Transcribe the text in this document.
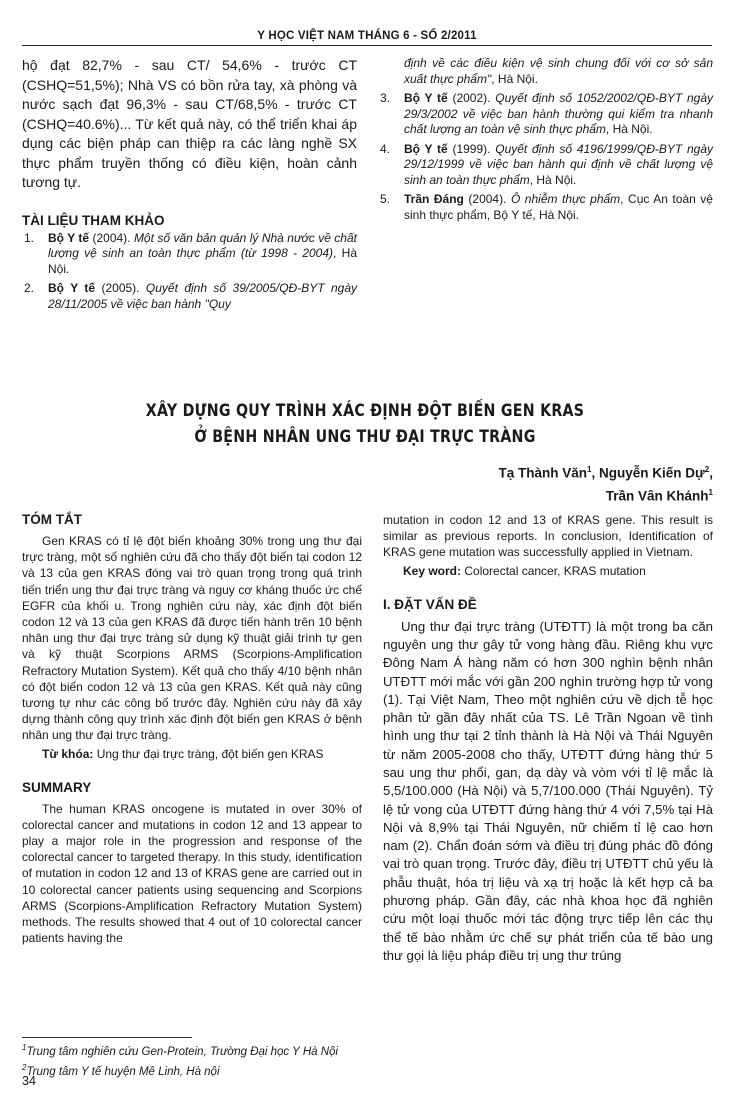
Y HỌC VIỆT NAM THÁNG 6 - SỐ 2/2011

hộ đạt 82,7% - sau CT/ 54,6% - trước CT (CSHQ=51,5%); Nhà VS có bồn rửa tay, xà phòng và nước sạch đạt 96,3% - sau CT/68,5% - trước CT (CSHQ=40.6%)... Từ kết quả này, có thể triển khai áp dụng các biện pháp can thiệp ra các làng nghề SX thực phẩm truyền thống có điều kiện, hoàn cảnh tương tự.

TÀI LIỆU THAM KHẢO

1. Bộ Y tế (2004). Một số văn bản quản lý Nhà nước về chất lượng vệ sinh an toàn thực phẩm (từ 1998 - 2004), Hà Nội.
2. Bộ Y tế (2005). Quyết định số 39/2005/QĐ-BYT ngày 28/11/2005 về việc ban hành "Quy
định về các điều kiện vệ sinh chung đối với cơ sở sản xuất thực phẩm", Hà Nội.
3. Bộ Y tế (2002). Quyết định số 1052/2002/QĐ-BYT ngày 29/3/2002 về việc ban hành thường qui kiểm tra nhanh chất lượng an toàn vệ sinh thực phẩm, Hà Nội.
4. Bộ Y tế (1999). Quyết định số 4196/1999/QĐ-BYT ngày 29/12/1999 về việc ban hành qui định về chất lượng vệ sinh an toàn thực phẩm, Hà Nội.
5. Trần Đáng (2004). Ô nhiễm thực phẩm, Cục An toàn vệ sinh thực phẩm, Bộ Y tế, Hà Nội.
XÂY DỰNG QUY TRÌNH XÁC ĐỊNH ĐỘT BIẾN GEN KRAS
Ở BỆNH NHÂN UNG THƯ ĐẠI TRỰC TRÀNG
Tạ Thành Văn$^1$, Nguyễn Kiến Dự$^2$,
Trần Vân Khánh$^1$

TÓM TẮT

Gen KRAS có tỉ lệ đột biến khoảng 30% trong ung thư đại trực tràng, một số nghiên cứu đã cho thấy đột biến tại codon 12 và 13 của gen KRAS đóng vai trò quan trọng trong quá trình tiến triển ung thư đại trực tràng và nguy cơ kháng thuốc ức chế EGFR của khối u. Trong nghiên cứu này, xác định đột biến codon 12 và 13 của gen KRAS đã được tiến hành trên 10 bệnh nhân ung thư đại trực tràng sử dụng kỹ thuật giải trình tự gen và kỹ thuật Scorpions ARMS (Scorpions-Amplification Refractory Mutation System). Kết quả cho thấy 4/10 bệnh nhân có đột biến codon 12 và 13 của gen KRAS. Kết quả này cũng tương tự như các công bố trước đây. Nghiên cứu này đã xây dựng thành công quy trình xác định đột biến gen KRAS ở bệnh nhân ung thư đại trực tràng.

Từ khóa: Ung thư đại trực tràng, đột biến gen KRAS

SUMMARY

The human KRAS oncogene is mutated in over 30% of colorectal cancer and mutations in codon 12 and 13 appear to play a major role in the progression and response of the colorectal cancer to targeted therapy. In this study, identification of mutation in codon 12 and 13 of KRAS gene are carried out in 10 colorectal cancer patients using sequencing and Scorpions ARMS (Scorpions-Amplification Refractory Mutation System) methods. The results showed that 4 out of 10 colorectal cancer patients having the

mutation in codon 12 and 13 of KRAS gene. This result is similar as previous reports. In conclusion, Identification of KRAS gene mutation was successfully applied in Vietnam.

Key word: Colorectal cancer, KRAS mutation

I. ĐẶT VẤN ĐỀ

Ung thư đại trực tràng (UTĐTT) là một trong ba căn nguyên ung thư gây tử vong hàng đầu. Riêng khu vực Đông Nam Á hàng năm có hơn 300 nghìn bệnh nhân UTĐTT mới mắc với gần 200 nghìn trường hợp tử vong (1). Tại Việt Nam, Theo một nghiên cứu về dịch tễ học phân tử gần đây nhất của TS. Lê Trần Ngoan về tình hình ung thư tại 2 tỉnh thành là Hà Nội và Thái Nguyên từ năm 2005-2008 cho thấy, UTĐTT đứng hàng thứ 5 sau ung thư phổi, gan, dạ dày và vòm với tỉ lệ mắc là 5,5/100.000 (Hà Nội) và 5,7/100.000 (Thái Nguyên). Tỷ lệ tử vong của UTĐTT đứng hàng thứ 4 với 7,5% tại Hà Nội và 8,9% tại Thái Nguyên, nữ chiếm tỉ lệ cao hơn nam (2). Chẩn đoán sớm và điều trị đúng phác đồ đóng vai trò quan trọng. Trước đây, điều trị UTĐTT chủ yếu là phẫu thuật, hóa trị liệu và xạ trị hoặc là kết hợp cả ba phương pháp. Gần đây, các nhà khoa học đã nghiên cứu một loại thuốc mới tác động trực tiếp lên các thụ thể tế bào nhằm ức chế sự phát triển của tế bào ung thư gọi là liệu pháp điều trị ung thư trúng

$^1$Trung tâm nghiên cứu Gen-Protein, Trường Đại học Y Hà Nội
$^2$Trung tâm Y tế huyện Mê Linh, Hà nội
34
